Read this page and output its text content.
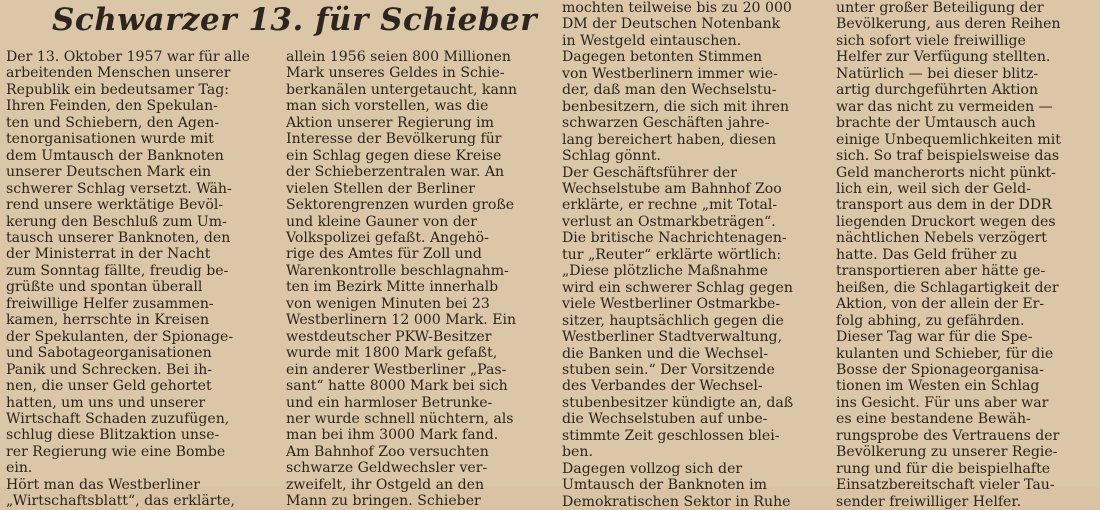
Schwarzer 13. für Schieber
Der 13. Oktober 1957 war für alle
arbeitenden Menschen unserer
Republik ein bedeutsamer Tag:
Ihren Feinden, den Spekulan-
ten und Schiebern, den Agen-
tenorganisationen wurde mit
dem Umtausch der Banknoten
unserer Deutschen Mark ein
schwerer Schlag versetzt. Wäh-
rend unsere werktätige Bevöl-
kerung den Beschluß zum Um-
tausch unserer Banknoten, den
der Ministerrat in der Nacht
zum Sonntag fällte, freudig be-
grüßte und spontan überall
freiwillige Helfer zusammen-
kamen, herrschte in Kreisen
der Spekulanten, der Spionage-
und Sabotageorganisationen
Panik und Schrecken. Bei ih-
nen, die unser Geld gehortet
hatten, um uns und unserer
Wirtschaft Schaden zuzufügen,
schlug diese Blitzaktion unse-
rer Regierung wie eine Bombe
ein.
Hört man das Westberliner
„Wirtschaftsblatt“, das erklärte,
allein 1956 seien 800 Millionen
Mark unseres Geldes in Schie-
berkanälen untergetaucht, kann
man sich vorstellen, was die
Aktion unserer Regierung im
Interesse der Bevölkerung für
ein Schlag gegen diese Kreise
der Schieberzentralen war. An
vielen Stellen der Berliner
Sektorengrenzen wurden große
und kleine Gauner von der
Volkspolizei gefaßt. Angehö-
rige des Amtes für Zoll und
Warenkontrolle beschlagnahm-
ten im Bezirk Mitte innerhalb
von wenigen Minuten bei 23
Westberlinern 12 000 Mark. Ein
westdeutscher PKW-Besitzer
wurde mit 1800 Mark gefaßt,
ein anderer Westberliner „Pas-
sant“ hatte 8000 Mark bei sich
und ein harmloser Betrunke-
ner wurde schnell nüchtern, als
man bei ihm 3000 Mark fand.
Am Bahnhof Zoo versuchten
schwarze Geldwechsler ver-
zweifelt, ihr Ostgeld an den
Mann zu bringen. Schieber
mochten teilweise bis zu 20 000
DM der Deutschen Notenbank
in Westgeld eintauschen.
Dagegen betonten Stimmen
von Westberlinern immer wie-
der, daß man den Wechselstu-
benbesitzern, die sich mit ihren
schwarzen Geschäften jahre-
lang bereichert haben, diesen
Schlag gönnt.
Der Geschäftsführer der
Wechselstube am Bahnhof Zoo
erklärte, er rechne „mit Total-
verlust an Ostmarkbeträgen“.
Die britische Nachrichtenagen-
tur „Reuter“ erklärte wörtlich:
„Diese plötzliche Maßnahme
wird ein schwerer Schlag gegen
viele Westberliner Ostmarkbe-
sitzer, hauptsächlich gegen die
Westberliner Stadtverwaltung,
die Banken und die Wechsel-
stuben sein.“ Der Vorsitzende
des Verbandes der Wechsel-
stubenbesitzer kündigte an, daß
die Wechselstuben auf unbe-
stimmte Zeit geschlossen blei-
ben.
Dagegen vollzog sich der
Umtausch der Banknoten im
Demokratischen Sektor in Ruhe
unter großer Beteiligung der
Bevölkerung, aus deren Reihen
sich sofort viele freiwillige
Helfer zur Verfügung stellten.
Natürlich — bei dieser blitz-
artig durchgeführten Aktion
war das nicht zu vermeiden —
brachte der Umtausch auch
einige Unbequemlichkeiten mit
sich. So traf beispielsweise das
Geld mancherorts nicht pünkt-
lich ein, weil sich der Geld-
transport aus dem in der DDR
liegenden Druckort wegen des
nächtlichen Nebels verzögert
hatte. Das Geld früher zu
transportieren aber hätte ge-
heißen, die Schlagartigkeit der
Aktion, von der allein der Er-
folg abhing, zu gefährden.
Dieser Tag war für die Spe-
kulanten und Schieber, für die
Bosse der Spionageorganisa-
tionen im Westen ein Schlag
ins Gesicht. Für uns aber war
es eine bestandene Bewäh-
rungsprobe des Vertrauens der
Bevölkerung zu unserer Regie-
rung und für die beispielhafte
Einsatzbereitschaft vieler Tau-
sender freiwilliger Helfer.
